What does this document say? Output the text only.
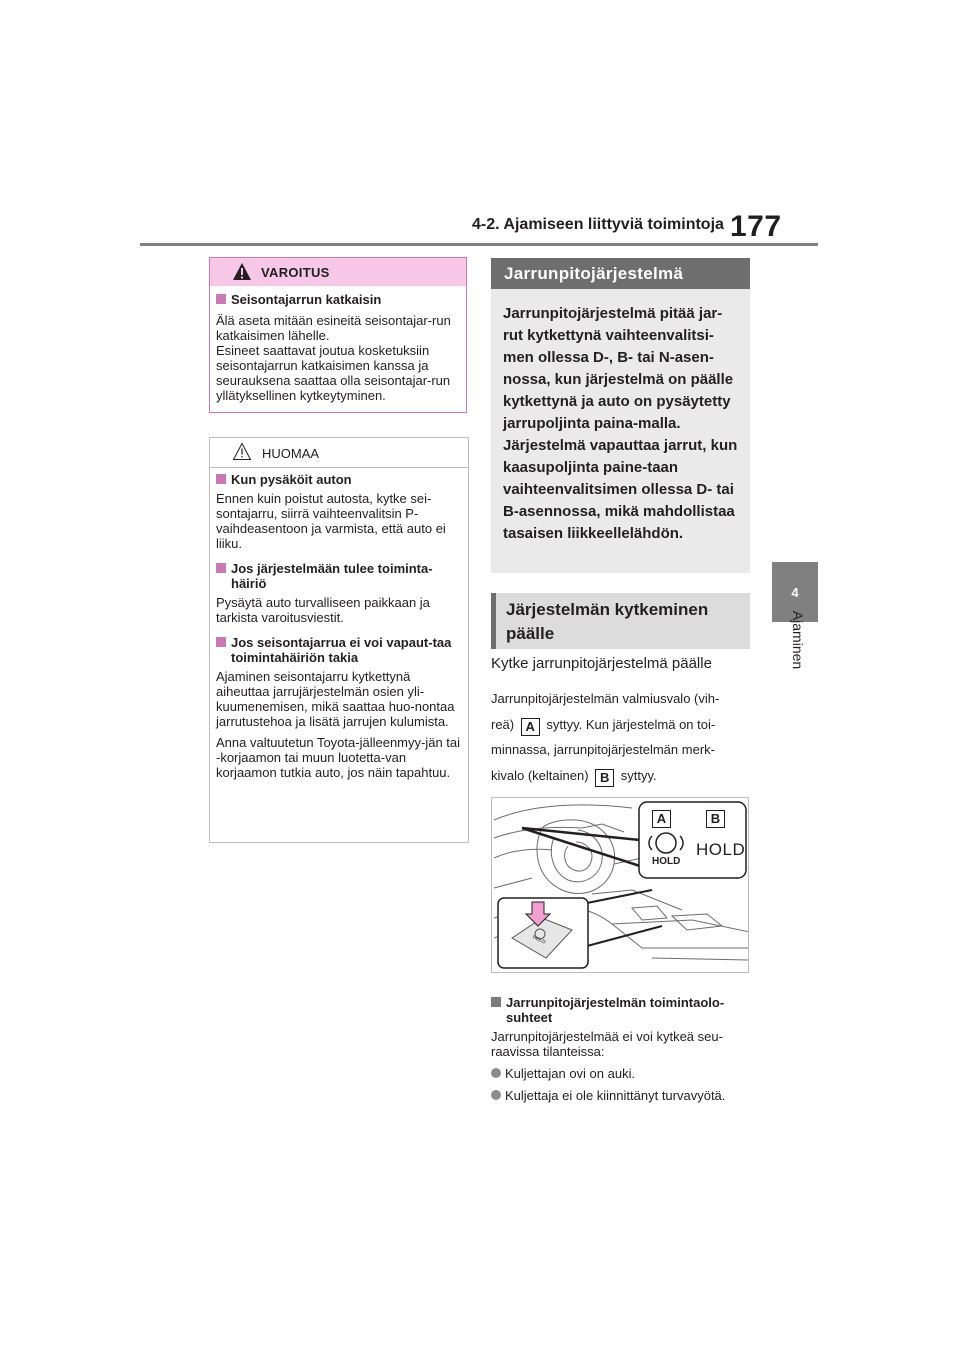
4-2. Ajamiseen liittyviä toimintoja 177
4
Ajaminen
VAROITUS
Seisontajarrun katkaisin

Älä aseta mitään esineitä seisontajar-run katkaisimen lähelle.
Esineet saattavat joutua kosketuksiin seisontajarrun katkaisimen kanssa ja seurauksena saattaa olla seisontajar-run yllätyksellinen kytkeytyminen.

HUOMAA
Kun pysäköit auton

Ennen kuin poistut autosta, kytke sei-sontajarru, siirrä vaihteenvalitsin P-vaihdeasentoon ja varmista, että auto ei liiku.

Jos järjestelmään tulee toiminta-häiriö

Pysäytä auto turvalliseen paikkaan ja tarkista varoitusviestit.

Jos seisontajarrua ei voi vapaut-taa toimintahäiriön takia

Ajaminen seisontajarru kytkettynä aiheuttaa jarrujärjestelmän osien yli-kuumenemisen, mikä saattaa huo-nontaa jarrutustehoa ja lisätä jarrujen kulumista.

Anna valtuutetun Toyota-jälleenmyy-jän tai -korjaamon tai muun luotetta-van korjaamon tutkia auto, jos näin tapahtuu.

Jarrunpitojärjestelmä
Jarrunpitojärjestelmä pitää jar-rut kytkettynä vaihteenvalitsi-men ollessa D-, B- tai N-asen-nossa, kun järjestelmä on päälle kytkettynä ja auto on pysäytetty jarrupoljinta paina-malla. Järjestelmä vapauttaa jarrut, kun kaasupoljinta paine-taan vaihteenvalitsimen ollessa D- tai B-asennossa, mikä mahdollistaa tasaisen liikkeellelähdön.
Järjestelmän kytkeminen
päälle
Kytke jarrunpitojärjestelmä päälle
Jarrunpitojärjestelmän valmiusvalo (vih-
reä) A syttyy. Kun järjestelmä on toi-
minnassa, jarrunpitojärjestelmän merk-
kivalo (keltainen) B syttyy.
A	B
HOLD
HOLD
HOLD
Jarrunpitojärjestelmän toimintaolo-suhteet

Jarrunpitojärjestelmää ei voi kytkeä seu-raavissa tilanteissa:

Kuljettajan ovi on auki.
Kuljettaja ei ole kiinnittänyt turvavyötä.
